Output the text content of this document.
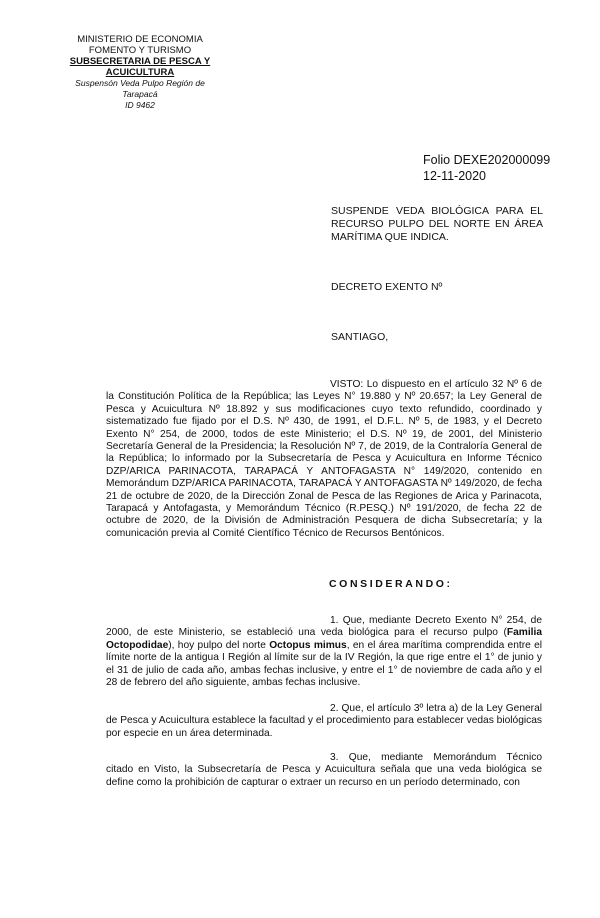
MINISTERIO DE ECONOMIA
FOMENTO Y TURISMO
SUBSECRETARIA DE PESCA Y
ACUICULTURA
Suspensón Veda Pulpo Región de Tarapacá
ID 9462
Folio DEXE202000099
12-11-2020
SUSPENDE VEDA BIOLÓGICA PARA EL RECURSO PULPO DEL NORTE EN ÁREA MARÍTIMA QUE INDICA.
DECRETO EXENTO Nº
SANTIAGO,
VISTO: Lo dispuesto en el artículo 32 Nº 6 de la Constitución Política de la República; las Leyes N° 19.880 y Nº 20.657; la Ley General de Pesca y Acuicultura Nº 18.892 y sus modificaciones cuyo texto refundido, coordinado y sistematizado fue fijado por el D.S. Nº 430, de 1991, el D.F.L. Nº 5, de 1983, y el Decreto Exento N° 254, de 2000, todos de este Ministerio; el D.S. Nº 19, de 2001, del Ministerio Secretaría General de la Presidencia; la Resolución Nº 7, de 2019, de la Contraloría General de la República; lo informado por la Subsecretaría de Pesca y Acuicultura en Informe Técnico DZP/ARICA PARINACOTA, TARAPACÁ Y ANTOFAGASTA N° 149/2020, contenido en Memorándum DZP/ARICA PARINACOTA, TARAPACÁ Y ANTOFAGASTA Nº 149/2020, de fecha 21 de octubre de 2020, de la Dirección Zonal de Pesca de las Regiones de Arica y Parinacota, Tarapacá y Antofagasta, y Memorándum Técnico (R.PESQ.) Nº 191/2020, de fecha 22 de octubre de 2020, de la División de Administración Pesquera de dicha Subsecretaría; y la comunicación previa al Comité Científico Técnico de Recursos Bentónicos.
CONSIDERANDO:
1. Que, mediante Decreto Exento N° 254, de 2000, de este Ministerio, se estableció una veda biológica para el recurso pulpo (Familia Octopodidae), hoy pulpo del norte Octopus mimus, en el área marítima comprendida entre el límite norte de la antigua I Región al límite sur de la IV Región, la que rige entre el 1° de junio y el 31 de julio de cada año, ambas fechas inclusive, y entre el 1° de noviembre de cada año y el 28 de febrero del año siguiente, ambas fechas inclusive.
2. Que, el artículo 3º letra a) de la Ley General de Pesca y Acuicultura establece la facultad y el procedimiento para establecer vedas biológicas por especie en un área determinada.
3. Que, mediante Memorándum Técnico citado en Visto, la Subsecretaría de Pesca y Acuicultura señala que una veda biológica se define como la prohibición de capturar o extraer un recurso en un período determinado, con
